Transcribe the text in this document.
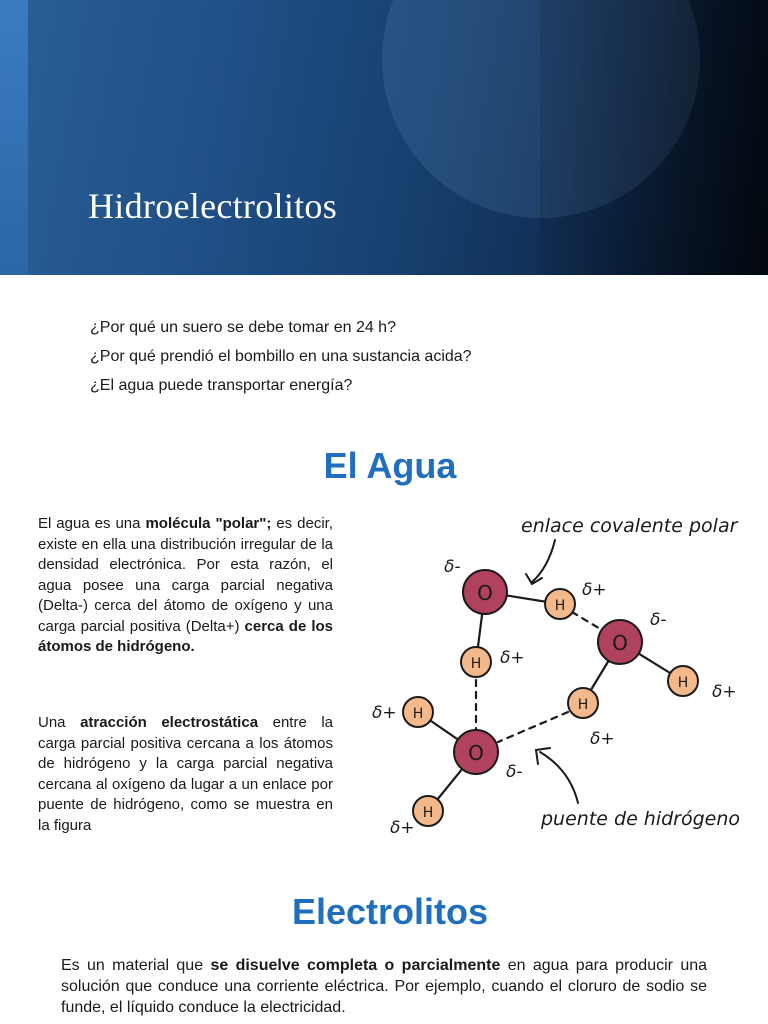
Hidroelectrolitos
¿Por qué un suero se debe tomar en 24 h?
¿Por qué prendió el bombillo en una sustancia acida?
¿El agua puede transportar energía?
El Agua
El agua es una molécula "polar"; es decir, existe en ella una distribución irregular de la densidad electrónica. Por esta razón, el agua posee una carga parcial negativa (Delta-) cerca del átomo de oxígeno y una carga parcial positiva (Delta+) cerca de los átomos de hidrógeno.
Una atracción electrostática entre la carga parcial positiva cercana a los átomos de hidrógeno y la carga parcial negativa cercana al oxígeno da lugar a un enlace por puente de hidrógeno, como se muestra en la figura
O
O
O
H
H
H
H
H
H
δ-
δ+
δ-
δ+
δ+
δ+
δ+
δ-
δ+
enlace covalente polar
puente de hidrógeno
Electrolitos
Es un material que se disuelve completa o parcialmente en agua para producir una solución que conduce una corriente eléctrica. Por ejemplo, cuando el cloruro de sodio se funde, el líquido conduce la electricidad.
